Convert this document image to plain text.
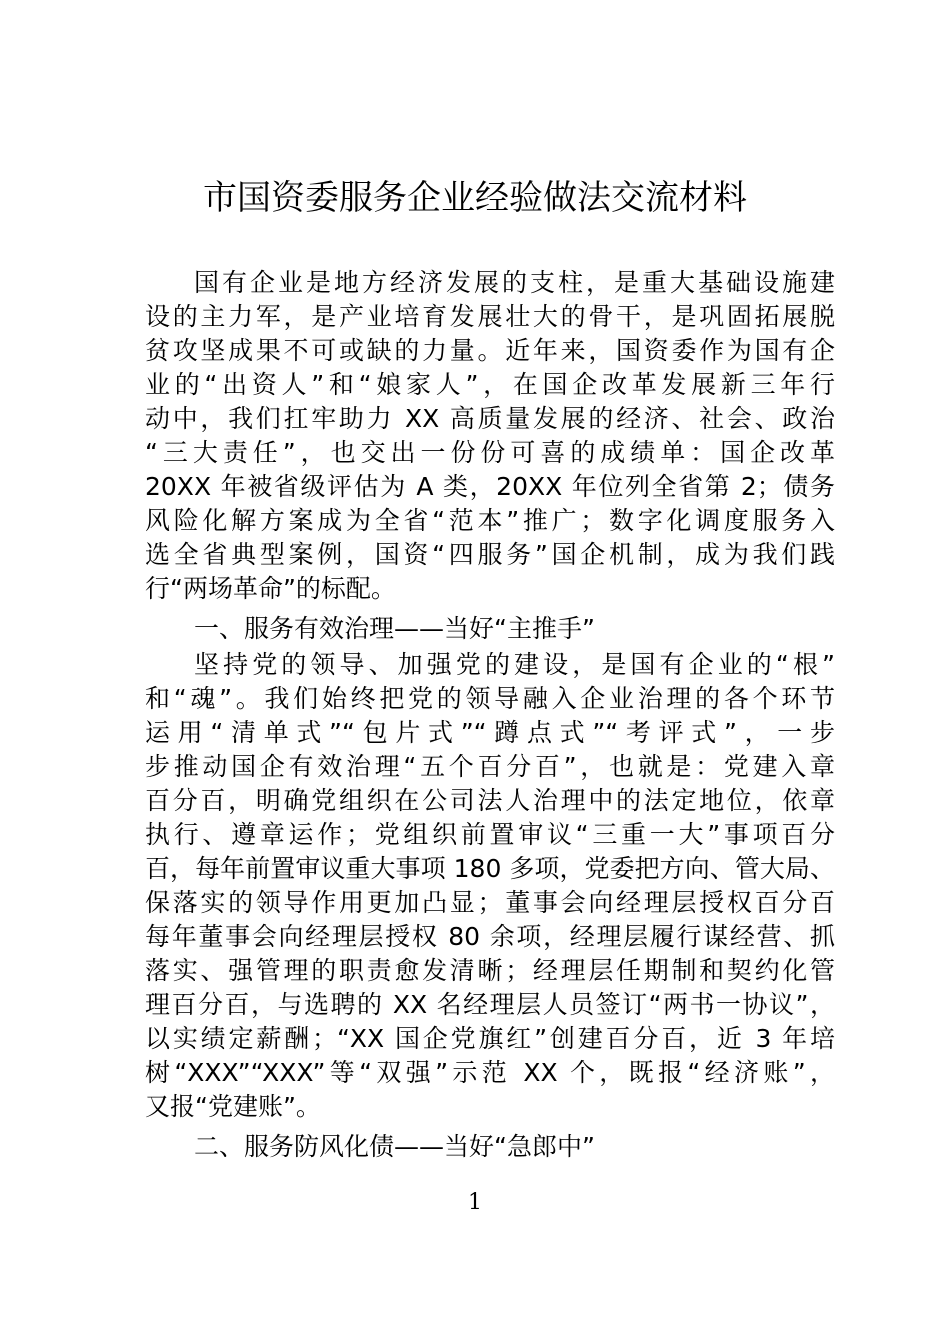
市国资委服务企业经验做法交流材料
国有企业是地方经济发展的支柱，是重大基础设施建
设的主力军，是产业培育发展壮大的骨干，是巩固拓展脱
贫攻坚成果不可或缺的力量。近年来，国资委作为国有企
业的“出资人”和“娘家人”，在国企改革发展新三年行
动中，我们扛牢助力 XX 高质量发展的经济、社会、政治
“三大责任”，也交出一份份可喜的成绩单：国企改革
20XX 年被省级评估为 A 类，20XX 年位列全省第 2；债务
风险化解方案成为全省“范本”推广；数字化调度服务入
选全省典型案例，国资“四服务”国企机制，成为我们践
行“两场革命”的标配。
一、服务有效治理——当好“主推手”
坚持党的领导、加强党的建设，是国有企业的“根”
和“魂”。我们始终把党的领导融入企业治理的各个环节
运用“清单式”“包片式”“蹲点式”“考评式”，一步
步推动国企有效治理“五个百分百”，也就是：党建入章
百分百，明确党组织在公司法人治理中的法定地位，依章
执行、遵章运作；党组织前置审议“三重一大”事项百分
百，每年前置审议重大事项 180 多项，党委把方向、管大局、
保落实的领导作用更加凸显；董事会向经理层授权百分百
每年董事会向经理层授权 80 余项，经理层履行谋经营、抓
落实、强管理的职责愈发清晰；经理层任期制和契约化管
理百分百，与选聘的 XX 名经理层人员签订“两书一协议”，
以实绩定薪酬；“XX 国企党旗红”创建百分百，近 3 年培
树“XXX”“XXX”等“双强”示范 XX 个，既报“经济账”，
又报“党建账”。
二、服务防风化债——当好“急郎中”
1
